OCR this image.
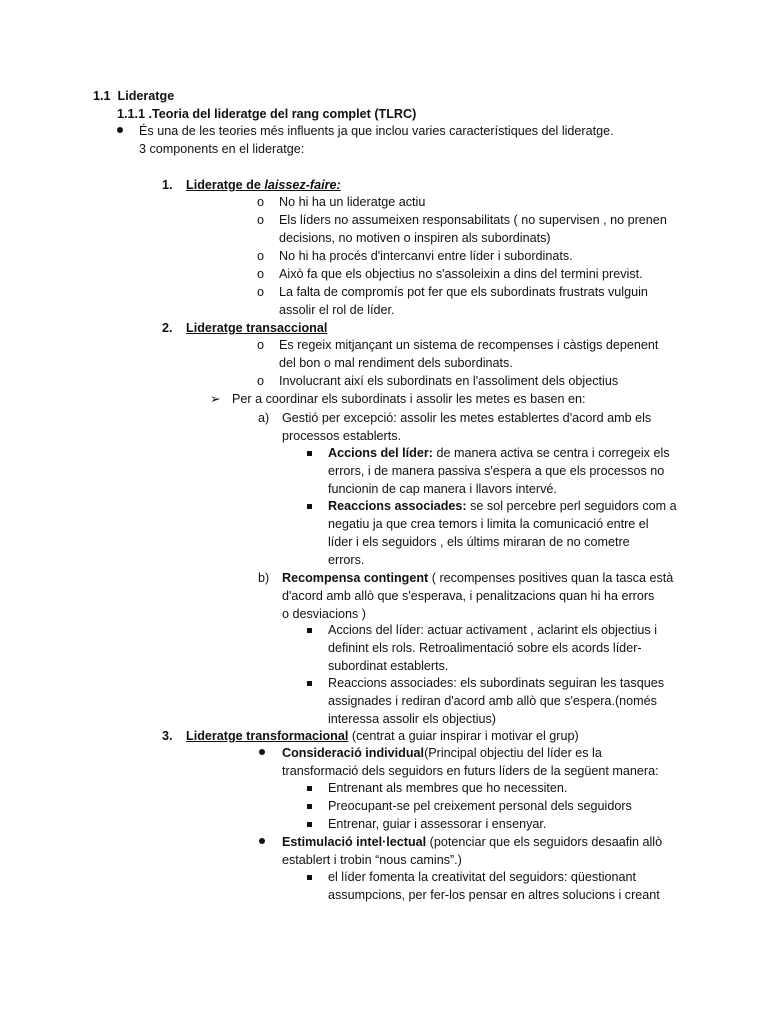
1.1 Lideratge
1.1.1 .Teoria del lideratge del rang complet (TLRC)
És una de les teories més influents ja que inclou varies característiques del lideratge.
3 components en el lideratge:
1. Lideratge de laissez-faire:
o No hi ha un lideratge actiu
o Els líders no assumeixen responsabilitats ( no supervisen , no prenen
decisions, no motiven o inspiren als subordinats)
o No hi ha procés d'intercanvi entre líder i subordinats.
o Això fa que els objectius no s'assoleixin a dins del termini previst.
o La falta de compromís pot fer que els subordinats frustrats vulguin
assolir el rol de líder.
2. Lideratge transaccional
o Es regeix mitjançant un sistema de recompenses i càstigs depenent
del bon o mal rendiment dels subordinats.
o Involucrant així els subordinats en l'assoliment dels objectius
➢ Per a coordinar els subordinats i assolir les metes es basen en:
a) Gestió per excepció: assolir les metes establertes d'acord amb els
processos establerts.
Accions del líder: de manera activa se centra i corregeix els
errors, i de manera passiva s'espera a que els processos no
funcionin de cap manera i llavors intervé.
Reaccions associades: se sol percebre perl seguidors com a
negatiu ja que crea temors i limita la comunicació entre el
líder i els seguidors , els últims miraran de no cometre
errors.
b) Recompensa contingent ( recompenses positives quan la tasca està
d'acord amb allò que s'esperava, i penalitzacions quan hi ha errors
o desviacions )
Accions del líder: actuar activament , aclarint els objectius i
definint els rols. Retroalimentació sobre els acords líder-
subordinat establerts.
Reaccions associades: els subordinats seguiran les tasques
assignades i rediran d'acord amb allò que s'espera.(només
interessa assolir els objectius)
3. Lideratge transformacional (centrat a guiar inspirar i motivar el grup)
Consideració individual(Principal objectiu del líder es la
transformació dels seguidors en futurs líders de la següent manera:
Entrenant als membres que ho necessiten.
Preocupant-se pel creixement personal dels seguidors
Entrenar, guiar i assessorar i ensenyar.
Estimulació intel·lectual (potenciar que els seguidors desaafin allò
establert i trobin “nous camins”.)
el líder fomenta la creativitat del seguidors: qüestionant
assumpcions, per fer-los pensar en altres solucions i creant
